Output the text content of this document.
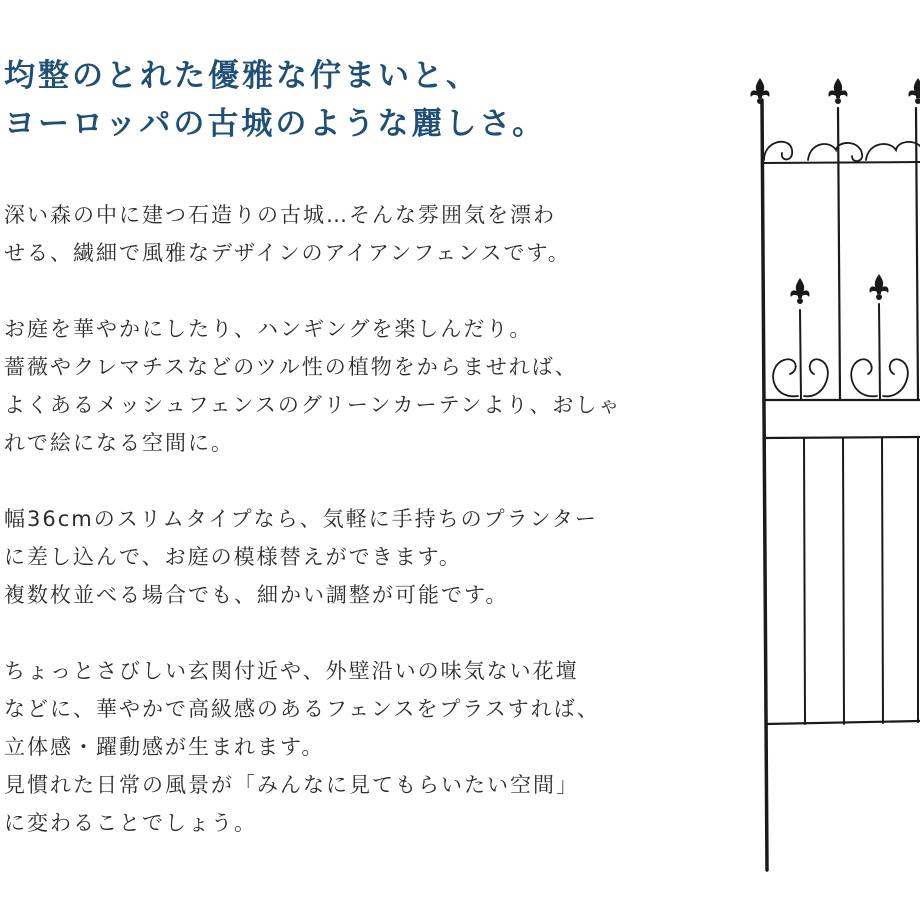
均整のとれた優雅な佇まいと、
ヨーロッパの古城のような麗しさ。
深い森の中に建つ石造りの古城…そんな雰囲気を漂わ
せる、繊細で風雅なデザインのアイアンフェンスです。
お庭を華やかにしたり、ハンギングを楽しんだり。
薔薇やクレマチスなどのツル性の植物をからませれば、
よくあるメッシュフェンスのグリーンカーテンより、おしゃ
れで絵になる空間に。
幅36cmのスリムタイプなら、気軽に手持ちのプランター
に差し込んで、お庭の模様替えができます。
複数枚並べる場合でも、細かい調整が可能です。
ちょっとさびしい玄関付近や、外壁沿いの味気ない花壇
などに、華やかで高級感のあるフェンスをプラスすれば、
立体感・躍動感が生まれます。
見慣れた日常の風景が「みんなに見てもらいたい空間」
に変わることでしょう。
